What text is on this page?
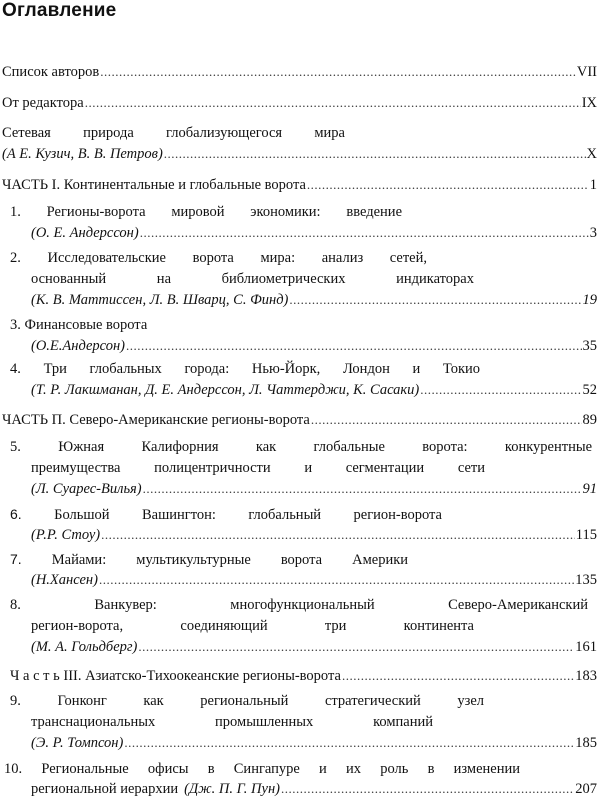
Оглавление
Список авторов .....	VII
От редактора .....	IX
Сетевая природа глобализующегося мира
(А Е. Кузич, В. В. Петров) .....	X
ЧАСТЬ I. Континентальные и глобальные ворота .....	1
1. Регионы-ворота мировой экономики: введение
(О. Е. Андерссон) .....	3
2. Исследовательские ворота мира: анализ сетей,
основанный на библиометрических индикаторах
(К. В. Маттиссен, Л. В. Шварц, С. Финд) .....	19
3. Финансовые ворота
(О.Е.Андерсон) .....	35
4. Три глобальных города: Нью-Йорк, Лондон и Токио
(Т. Р. Лакшманан, Д. Е. Андерссон, Л. Чаттерджи, К. Сасаки) .....	52
ЧАСТЬ П. Северо-Американские регионы-ворота .....	89
5.	Южная Калифорния как глобальные ворота: конкурентные
преимущества полицентричности и сегментации сети
(Л. Суарес-Вилья) .....	91
6. Большой Вашингтон: глобальный регион-ворота
(Р.Р. Стоу) .....	115
7. Майами: мультикультурные ворота Америки
(Н.Хансен) .....	135
8.	Ванкувер: многофункциональный Северо-Американский
регион-ворота, соединяющий три континента
(М. А. Гольдберг) .....	161
Ч а с т ь III. Азиатско-Тихоокеанские регионы-ворота .....	183
9.	Гонконг как региональный стратегический узел
транснациональных промышленных компаний
(Э. Р. Томпсон) .....	185
10. Региональные офисы в Сингапуре и их роль в изменении
региональной иерархии (Дж. П. Г. Пун) .....	207
